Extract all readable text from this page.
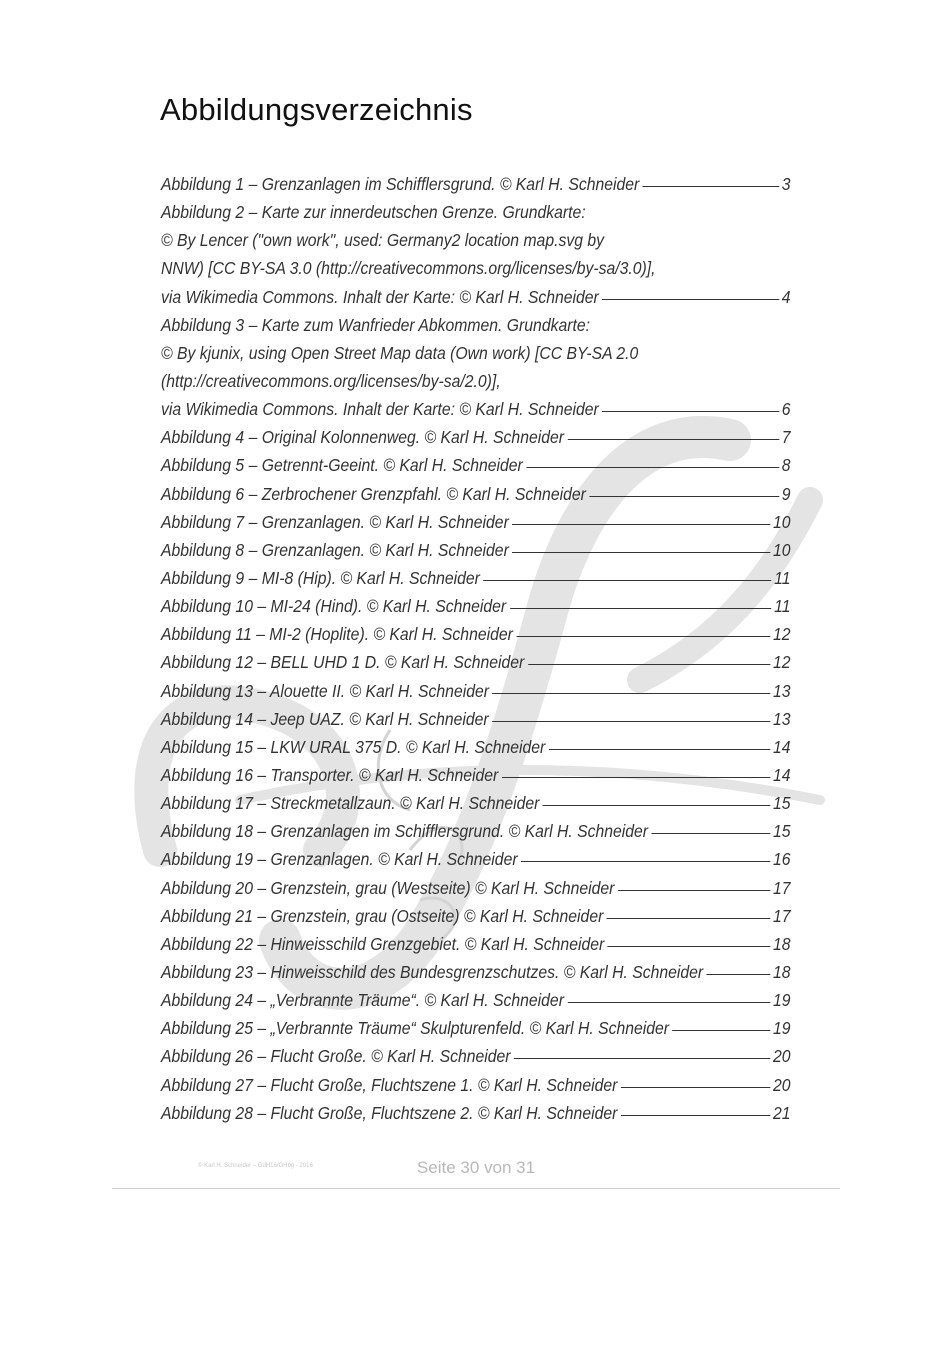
Abbildungsverzeichnis
Abbildung 1 – Grenzanlagen im Schifflersgrund. © Karl H. Schneider	3
Abbildung 2 – Karte zur innerdeutschen Grenze. Grundkarte:
© By Lencer ("own work", used: Germany2 location map.svg by
NNW) [CC BY-SA 3.0 (http://creativecommons.org/licenses/by-sa/3.0)],
via Wikimedia Commons. Inhalt der Karte: © Karl H. Schneider	4
Abbildung 3 – Karte zum Wanfrieder Abkommen. Grundkarte:
© By kjunix, using Open Street Map data (Own work) [CC BY-SA 2.0
(http://creativecommons.org/licenses/by-sa/2.0)],
via Wikimedia Commons. Inhalt der Karte: © Karl H. Schneider	6
Abbildung 4 – Original Kolonnenweg. © Karl H. Schneider	7
Abbildung 5 – Getrennt-Geeint. © Karl H. Schneider	8
Abbildung 6 – Zerbrochener Grenzpfahl. © Karl H. Schneider	9
Abbildung 7 – Grenzanlagen. © Karl H. Schneider	10
Abbildung 8 – Grenzanlagen. © Karl H. Schneider	10
Abbildung 9 – MI-8 (Hip). © Karl H. Schneider	11
Abbildung 10 – MI-24 (Hind). © Karl H. Schneider	11
Abbildung 11 – MI-2 (Hoplite). © Karl H. Schneider	12
Abbildung 12 – BELL UHD 1 D. © Karl H. Schneider	12
Abbildung 13 – Alouette II. © Karl H. Schneider	13
Abbildung 14 – Jeep UAZ. © Karl H. Schneider	13
Abbildung 15 – LKW URAL 375 D. © Karl H. Schneider	14
Abbildung 16 – Transporter. © Karl H. Schneider	14
Abbildung 17 – Streckmetallzaun. © Karl H. Schneider	15
Abbildung 18 – Grenzanlagen im Schifflersgrund. © Karl H. Schneider	15
Abbildung 19 – Grenzanlagen. © Karl H. Schneider	16
Abbildung 20 – Grenzstein, grau (Westseite) © Karl H. Schneider	17
Abbildung 21 – Grenzstein, grau (Ostseite) © Karl H. Schneider	17
Abbildung 22 – Hinweisschild Grenzgebiet. © Karl H. Schneider	18
Abbildung 23 – Hinweisschild des Bundesgrenzschutzes. © Karl H. Schneider	18
Abbildung 24 – „Verbrannte Träume“. © Karl H. Schneider	19
Abbildung 25 – „Verbrannte Träume“ Skulpturenfeld. © Karl H. Schneider	19
Abbildung 26 – Flucht Große. © Karl H. Schneider	20
Abbildung 27 – Flucht Große, Fluchtszene 1. © Karl H. Schneider	20
Abbildung 28 – Flucht Große, Fluchtszene 2. © Karl H. Schneider	21
© Karl H. Schneider – GdH16/GHbg - 2016	Seite 30 von 31
